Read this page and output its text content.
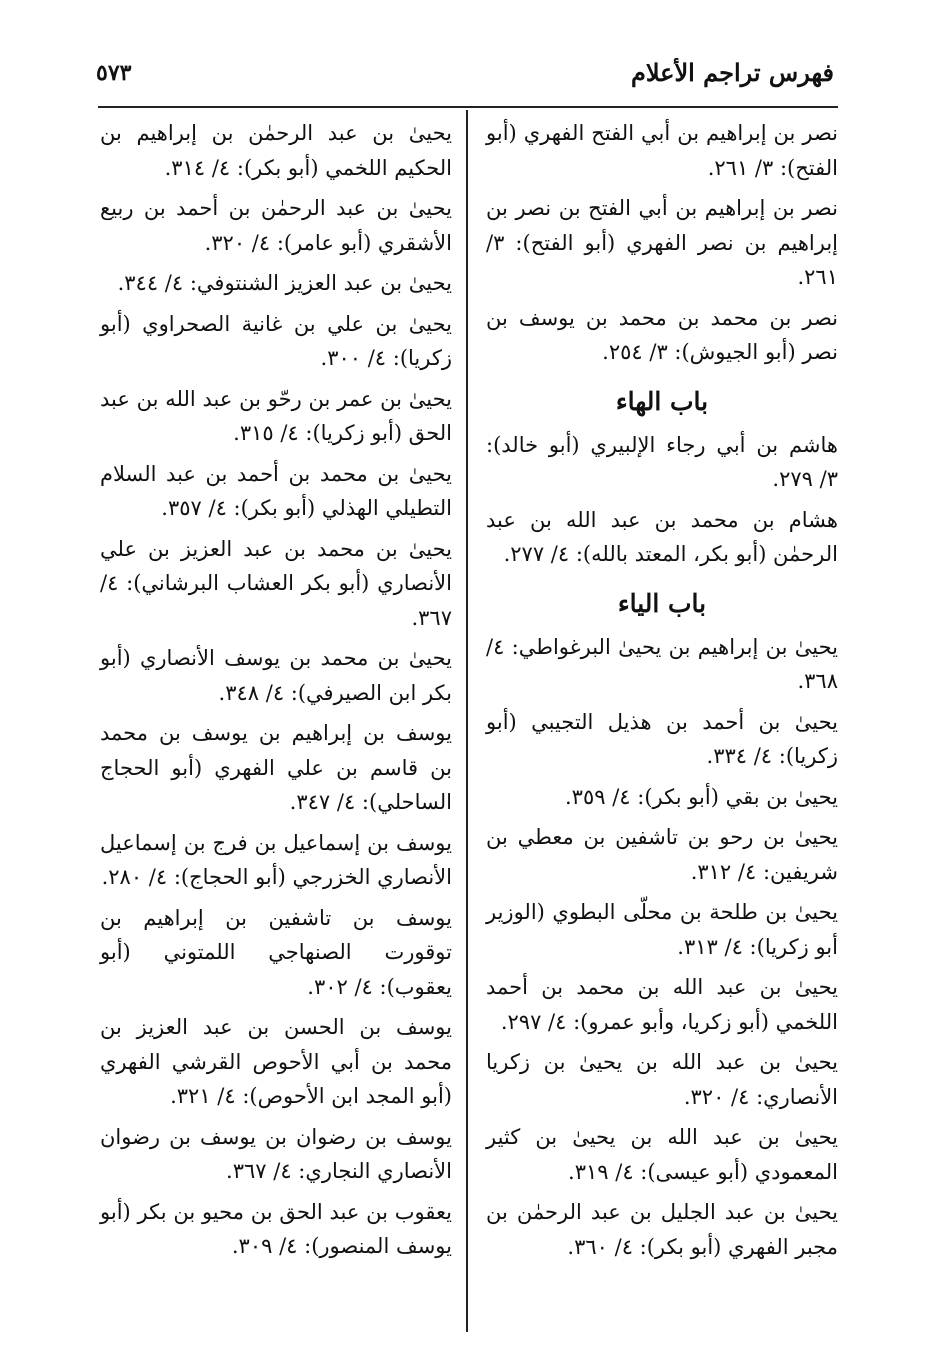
فهرس تراجم الأعلام
٥٧٣

نصر بن إبراهيم بن أبي الفتح الفهري (أبو الفتح): ٣/ ٢٦١.

نصر بن إبراهيم بن أبي الفتح بن نصر بن إبراهيم بن نصر الفهري (أبو الفتح): ٣/ ٢٦١.

نصر بن محمد بن محمد بن يوسف بن نصر (أبو الجيوش): ٣/ ٢٥٤.

باب الهاء

هاشم بن أبي رجاء الإلبيري (أبو خالد): ٣/ ٢٧٩.

هشام بن محمد بن عبد الله بن عبد الرحمٰن (أبو بكر، المعتد بالله): ٤/ ٢٧٧.

باب الياء

يحيىٰ بن إبراهيم بن يحيىٰ البرغواطي: ٤/ ٣٦٨.

يحيىٰ بن أحمد بن هذيل التجيبي (أبو زكريا): ٤/ ٣٣٤.

يحيىٰ بن بقي (أبو بكر): ٤/ ٣٥٩.

يحيىٰ بن رحو بن تاشفين بن معطي بن شريفين: ٤/ ٣١٢.

يحيىٰ بن طلحة بن محلّى البطوي (الوزير أبو زكريا): ٤/ ٣١٣.

يحيىٰ بن عبد الله بن محمد بن أحمد اللخمي (أبو زكريا، وأبو عمرو): ٤/ ٢٩٧.

يحيىٰ بن عبد الله بن يحيىٰ بن زكريا الأنصاري: ٤/ ٣٢٠.

يحيىٰ بن عبد الله بن يحيىٰ بن كثير المعمودي (أبو عيسى): ٤/ ٣١٩.

يحيىٰ بن عبد الجليل بن عبد الرحمٰن بن مجبر الفهري (أبو بكر): ٤/ ٣٦٠.

يحيىٰ بن عبد الرحمٰن بن إبراهيم بن الحكيم اللخمي (أبو بكر): ٤/ ٣١٤.

يحيىٰ بن عبد الرحمٰن بن أحمد بن ربيع الأشقري (أبو عامر): ٤/ ٣٢٠.

يحيىٰ بن عبد العزيز الشنتوفي: ٤/ ٣٤٤.

يحيىٰ بن علي بن غانية الصحراوي (أبو زكريا): ٤/ ٣٠٠.

يحيىٰ بن عمر بن رحّو بن عبد الله بن عبد الحق (أبو زكريا): ٤/ ٣١٥.

يحيىٰ بن محمد بن أحمد بن عبد السلام التطيلي الهذلي (أبو بكر): ٤/ ٣٥٧.

يحيىٰ بن محمد بن عبد العزيز بن علي الأنصاري (أبو بكر العشاب البرشاني): ٤/ ٣٦٧.

يحيىٰ بن محمد بن يوسف الأنصاري (أبو بكر ابن الصيرفي): ٤/ ٣٤٨.

يوسف بن إبراهيم بن يوسف بن محمد بن قاسم بن علي الفهري (أبو الحجاج الساحلي): ٤/ ٣٤٧.

يوسف بن إسماعيل بن فرج بن إسماعيل الأنصاري الخزرجي (أبو الحجاج): ٤/ ٢٨٠.

يوسف بن تاشفين بن إبراهيم بن توقورت الصنهاجي اللمتوني (أبو يعقوب): ٤/ ٣٠٢.

يوسف بن الحسن بن عبد العزيز بن محمد بن أبي الأحوص القرشي الفهري (أبو المجد ابن الأحوص): ٤/ ٣٢١.

يوسف بن رضوان بن يوسف بن رضوان الأنصاري النجاري: ٤/ ٣٦٧.

يعقوب بن عبد الحق بن محيو بن بكر (أبو يوسف المنصور): ٤/ ٣٠٩.
